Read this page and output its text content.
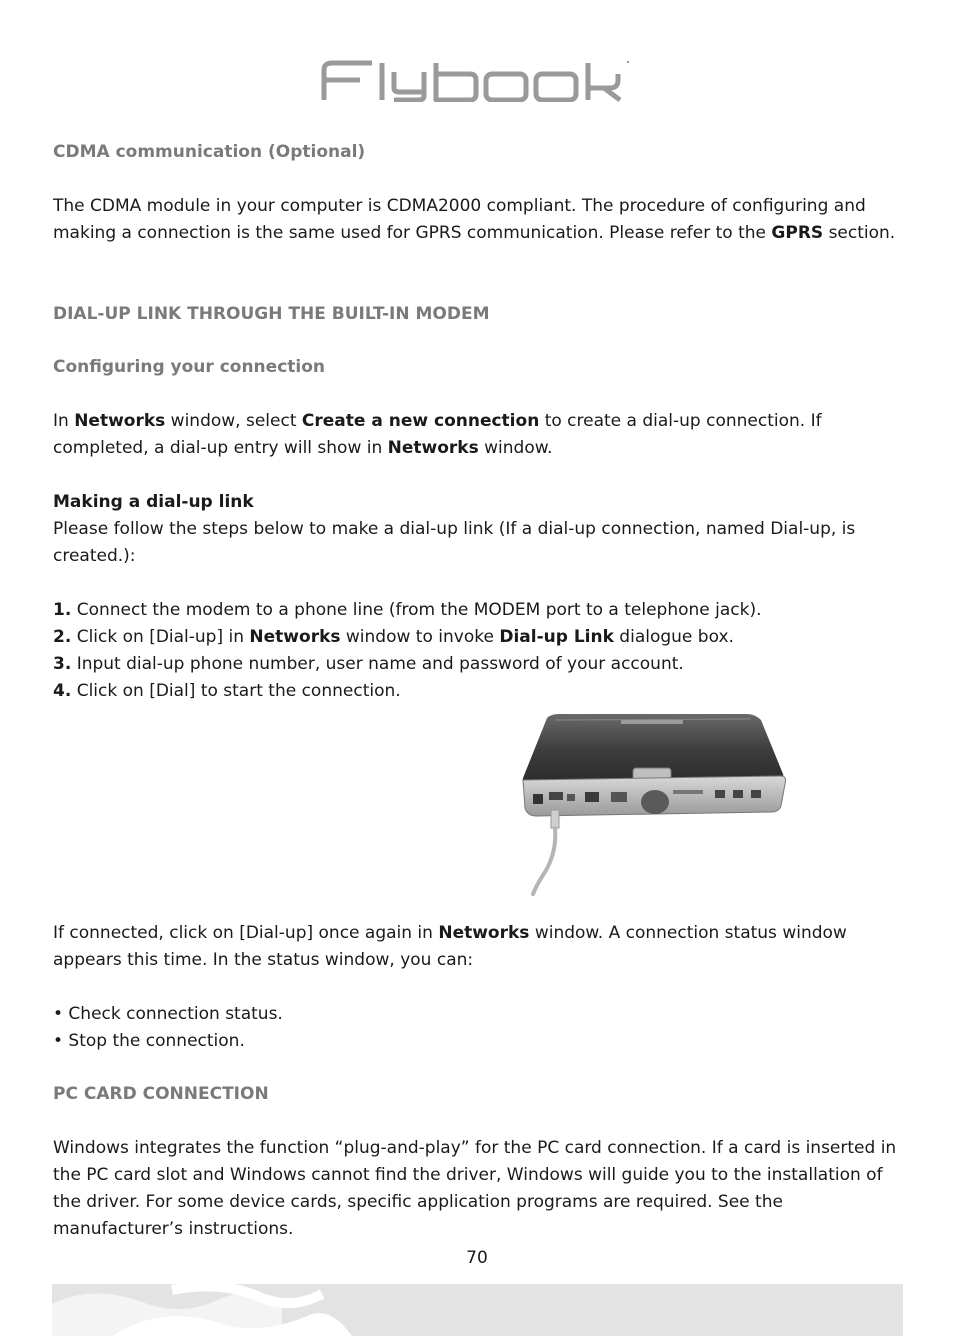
CDMA communication (Optional)

The CDMA module in your computer is CDMA2000 compliant. The procedure of configuring and making a connection is the same used for GPRS communication. Please refer to the GPRS section.

DIAL-UP LINK THROUGH THE BUILT-IN MODEM
Configuring your connection

In Networks window, select Create a new connection to create a dial-up connection. If completed, a dial-up entry will show in Networks window.

Making a dial-up link

Please follow the steps below to make a dial-up link (If a dial-up connection, named Dial-up, is created.):

1. Connect the modem to a phone line (from the MODEM port to a telephone jack).
2. Click on [Dial-up] in Networks window to invoke Dial-up Link dialogue box.
3. Input dial-up phone number, user name and password of your account.
4. Click on [Dial] to start the connection.

If connected, click on [Dial-up] once again in Networks window. A connection status window appears this time. In the status window, you can:

• Check connection status.
• Stop the connection.
PC CARD CONNECTION

Windows integrates the function “plug-and-play” for the PC card connection. If a card is inserted in the PC card slot and Windows cannot find the driver, Windows will guide you to the installation of the driver. For some device cards, specific application programs are required. See the manufacturer’s instructions.

70
